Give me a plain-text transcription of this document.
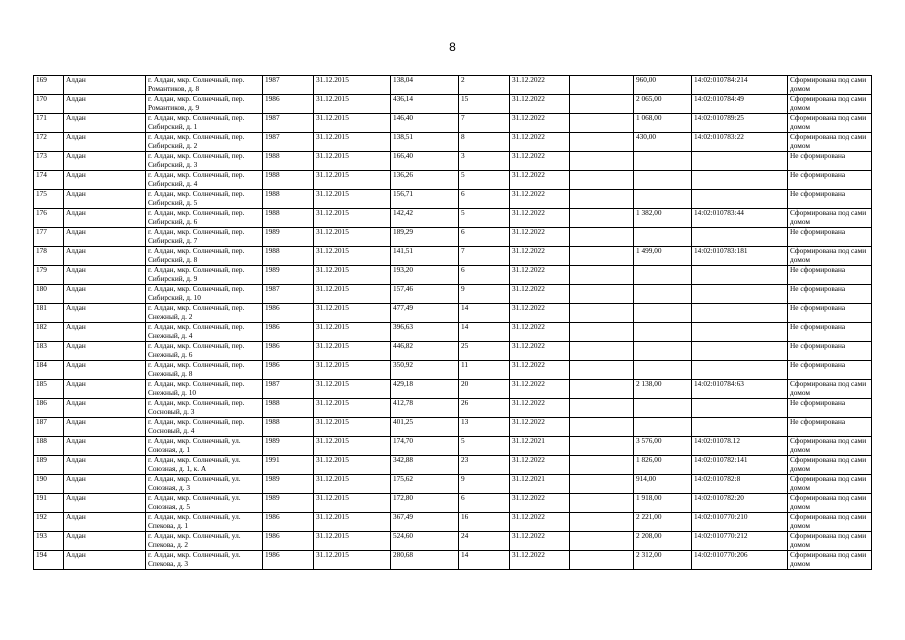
8
169	Алдан	г. Алдан, мкр. Солнечный, пер. Романтиков, д. 8	1987	31.12.2015	138,04	2	31.12.2022		960,00	14:02:010784:214	Сформирована под сами домом
170	Алдан	г. Алдан, мкр. Солнечный, пер. Романтиков, д. 9	1986	31.12.2015	436,14	15	31.12.2022		2 065,00	14:02:010784:49	Сформирована под сами домом
171	Алдан	г. Алдан, мкр. Солнечный, пер. Сибирский, д. 1	1987	31.12.2015	146,40	7	31.12.2022		1 068,00	14:02:010789:25	Сформирована под сами домом
172	Алдан	г. Алдан, мкр. Солнечный, пер. Сибирский, д. 2	1987	31.12.2015	138,51	8	31.12.2022		430,00	14:02:010783:22	Сформирована под сами домом
173	Алдан	г. Алдан, мкр. Солнечный, пер. Сибирский, д. 3	1988	31.12.2015	166,40	3	31.12.2022				Не сформирована
174	Алдан	г. Алдан, мкр. Солнечный, пер. Сибирский, д. 4	1988	31.12.2015	136,26	5	31.12.2022				Не сформирована
175	Алдан	г. Алдан, мкр. Солнечный, пер. Сибирский, д. 5	1988	31.12.2015	156,71	6	31.12.2022				Не сформирована
176	Алдан	г. Алдан, мкр. Солнечный, пер. Сибирский, д. 6	1988	31.12.2015	142,42	5	31.12.2022		1 382,00	14:02:010783:44	Сформирована под сами домом
177	Алдан	г. Алдан, мкр. Солнечный, пер. Сибирский, д. 7	1989	31.12.2015	189,29	6	31.12.2022				Не сформирована
178	Алдан	г. Алдан, мкр. Солнечный, пер. Сибирский, д. 8	1988	31.12.2015	141,51	7	31.12.2022		1 499,00	14:02:010783:181	Сформирована под сами домом
179	Алдан	г. Алдан, мкр. Солнечный, пер. Сибирский, д. 9	1989	31.12.2015	193,20	6	31.12.2022				Не сформирована
180	Алдан	г. Алдан, мкр. Солнечный, пер. Сибирский, д. 10	1987	31.12.2015	157,46	9	31.12.2022				Не сформирована
181	Алдан	г. Алдан, мкр. Солнечный, пер. Снежный, д. 2	1986	31.12.2015	477,49	14	31.12.2022				Не сформирована
182	Алдан	г. Алдан, мкр. Солнечный, пер. Снежный, д. 4	1986	31.12.2015	396,63	14	31.12.2022				Не сформирована
183	Алдан	г. Алдан, мкр. Солнечный, пер. Снежный, д. 6	1986	31.12.2015	446,82	25	31.12.2022				Не сформирована
184	Алдан	г. Алдан, мкр. Солнечный, пер. Снежный, д. 8	1986	31.12.2015	350,92	11	31.12.2022				Не сформирована
185	Алдан	г. Алдан, мкр. Солнечный, пер. Снежный, д. 10	1987	31.12.2015	429,18	20	31.12.2022		2 138,00	14:02:010784:63	Сформирована под сами домом
186	Алдан	г. Алдан, мкр. Солнечный, пер. Сосновый, д. 3	1988	31.12.2015	412,78	26	31.12.2022				Не сформирована
187	Алдан	г. Алдан, мкр. Солнечный, пер. Сосновый, д. 4	1988	31.12.2015	401,25	13	31.12.2022				Не сформирована
188	Алдан	г. Алдан, мкр. Солнечный, ул. Союзная, д. 1	1989	31.12.2015	174,70	5	31.12.2021		3 576,00	14:02:01078.12	Сформирована под сами домом
189	Алдан	г. Алдан, мкр. Солнечный, ул. Союзная, д. 1, к. А	1991	31.12.2015	342,88	23	31.12.2022		1 826,00	14:02:010782:141	Сформирована под сами домом
190	Алдан	г. Алдан, мкр. Солнечный, ул. Союзная, д. 3	1989	31.12.2015	175,62	9	31.12.2021		914,00	14:02:010782:8	Сформирована под сами домом
191	Алдан	г. Алдан, мкр. Солнечный, ул. Союзная, д. 5	1989	31.12.2015	172,80	6	31.12.2022		1 918,00	14:02:010782:20	Сформирована под сами домом
192	Алдан	г. Алдан, мкр. Солнечный, ул. Спекова, д. 1	1986	31.12.2015	367,49	16	31.12.2022		2 221,00	14:02:010770:210	Сформирована под сами домом
193	Алдан	г. Алдан, мкр. Солнечный, ул. Спекова, д. 2	1986	31.12.2015	524,60	24	31.12.2022		2 208,00	14:02:010770:212	Сформирована под сами домом
194	Алдан	г. Алдан, мкр. Солнечный, ул. Спекова, д. 3	1986	31.12.2015	280,68	14	31.12.2022		2 312,00	14:02:010770:206	Сформирована под сами домом
